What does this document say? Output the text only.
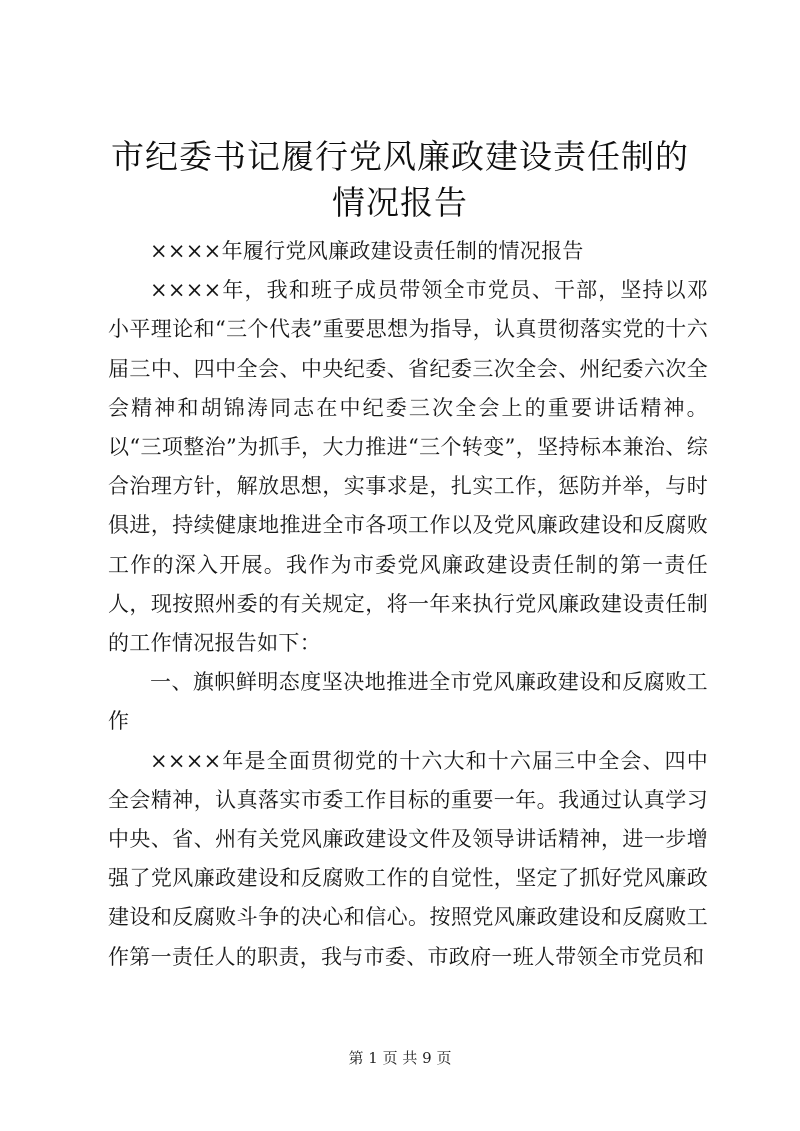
市纪委书记履行党风廉政建设责任制的情况报告

××××年履行党风廉政建设责任制的情况报告

××××年，我和班子成员带领全市党员、干部，坚持以邓小平理论和“三个代表”重要思想为指导，认真贯彻落实党的十六届三中、四中全会、中央纪委、省纪委三次全会、州纪委六次全会精神和胡锦涛同志在中纪委三次全会上的重要讲话精神。以“三项整治”为抓手，大力推进“三个转变”，坚持标本兼治、综合治理方针，解放思想，实事求是，扎实工作，惩防并举，与时俱进，持续健康地推进全市各项工作以及党风廉政建设和反腐败工作的深入开展。我作为市委党风廉政建设责任制的第一责任人，现按照州委的有关规定，将一年来执行党风廉政建设责任制的工作情况报告如下：

一、旗帜鲜明态度坚决地推进全市党风廉政建设和反腐败工作

××××年是全面贯彻党的十六大和十六届三中全会、四中全会精神，认真落实市委工作目标的重要一年。我通过认真学习中央、省、州有关党风廉政建设文件及领导讲话精神，进一步增强了党风廉政建设和反腐败工作的自觉性，坚定了抓好党风廉政建设和反腐败斗争的决心和信心。按照党风廉政建设和反腐败工作第一责任人的职责，我与市委、市政府一班人带领全市党员和

第 1 页 共 9 页
